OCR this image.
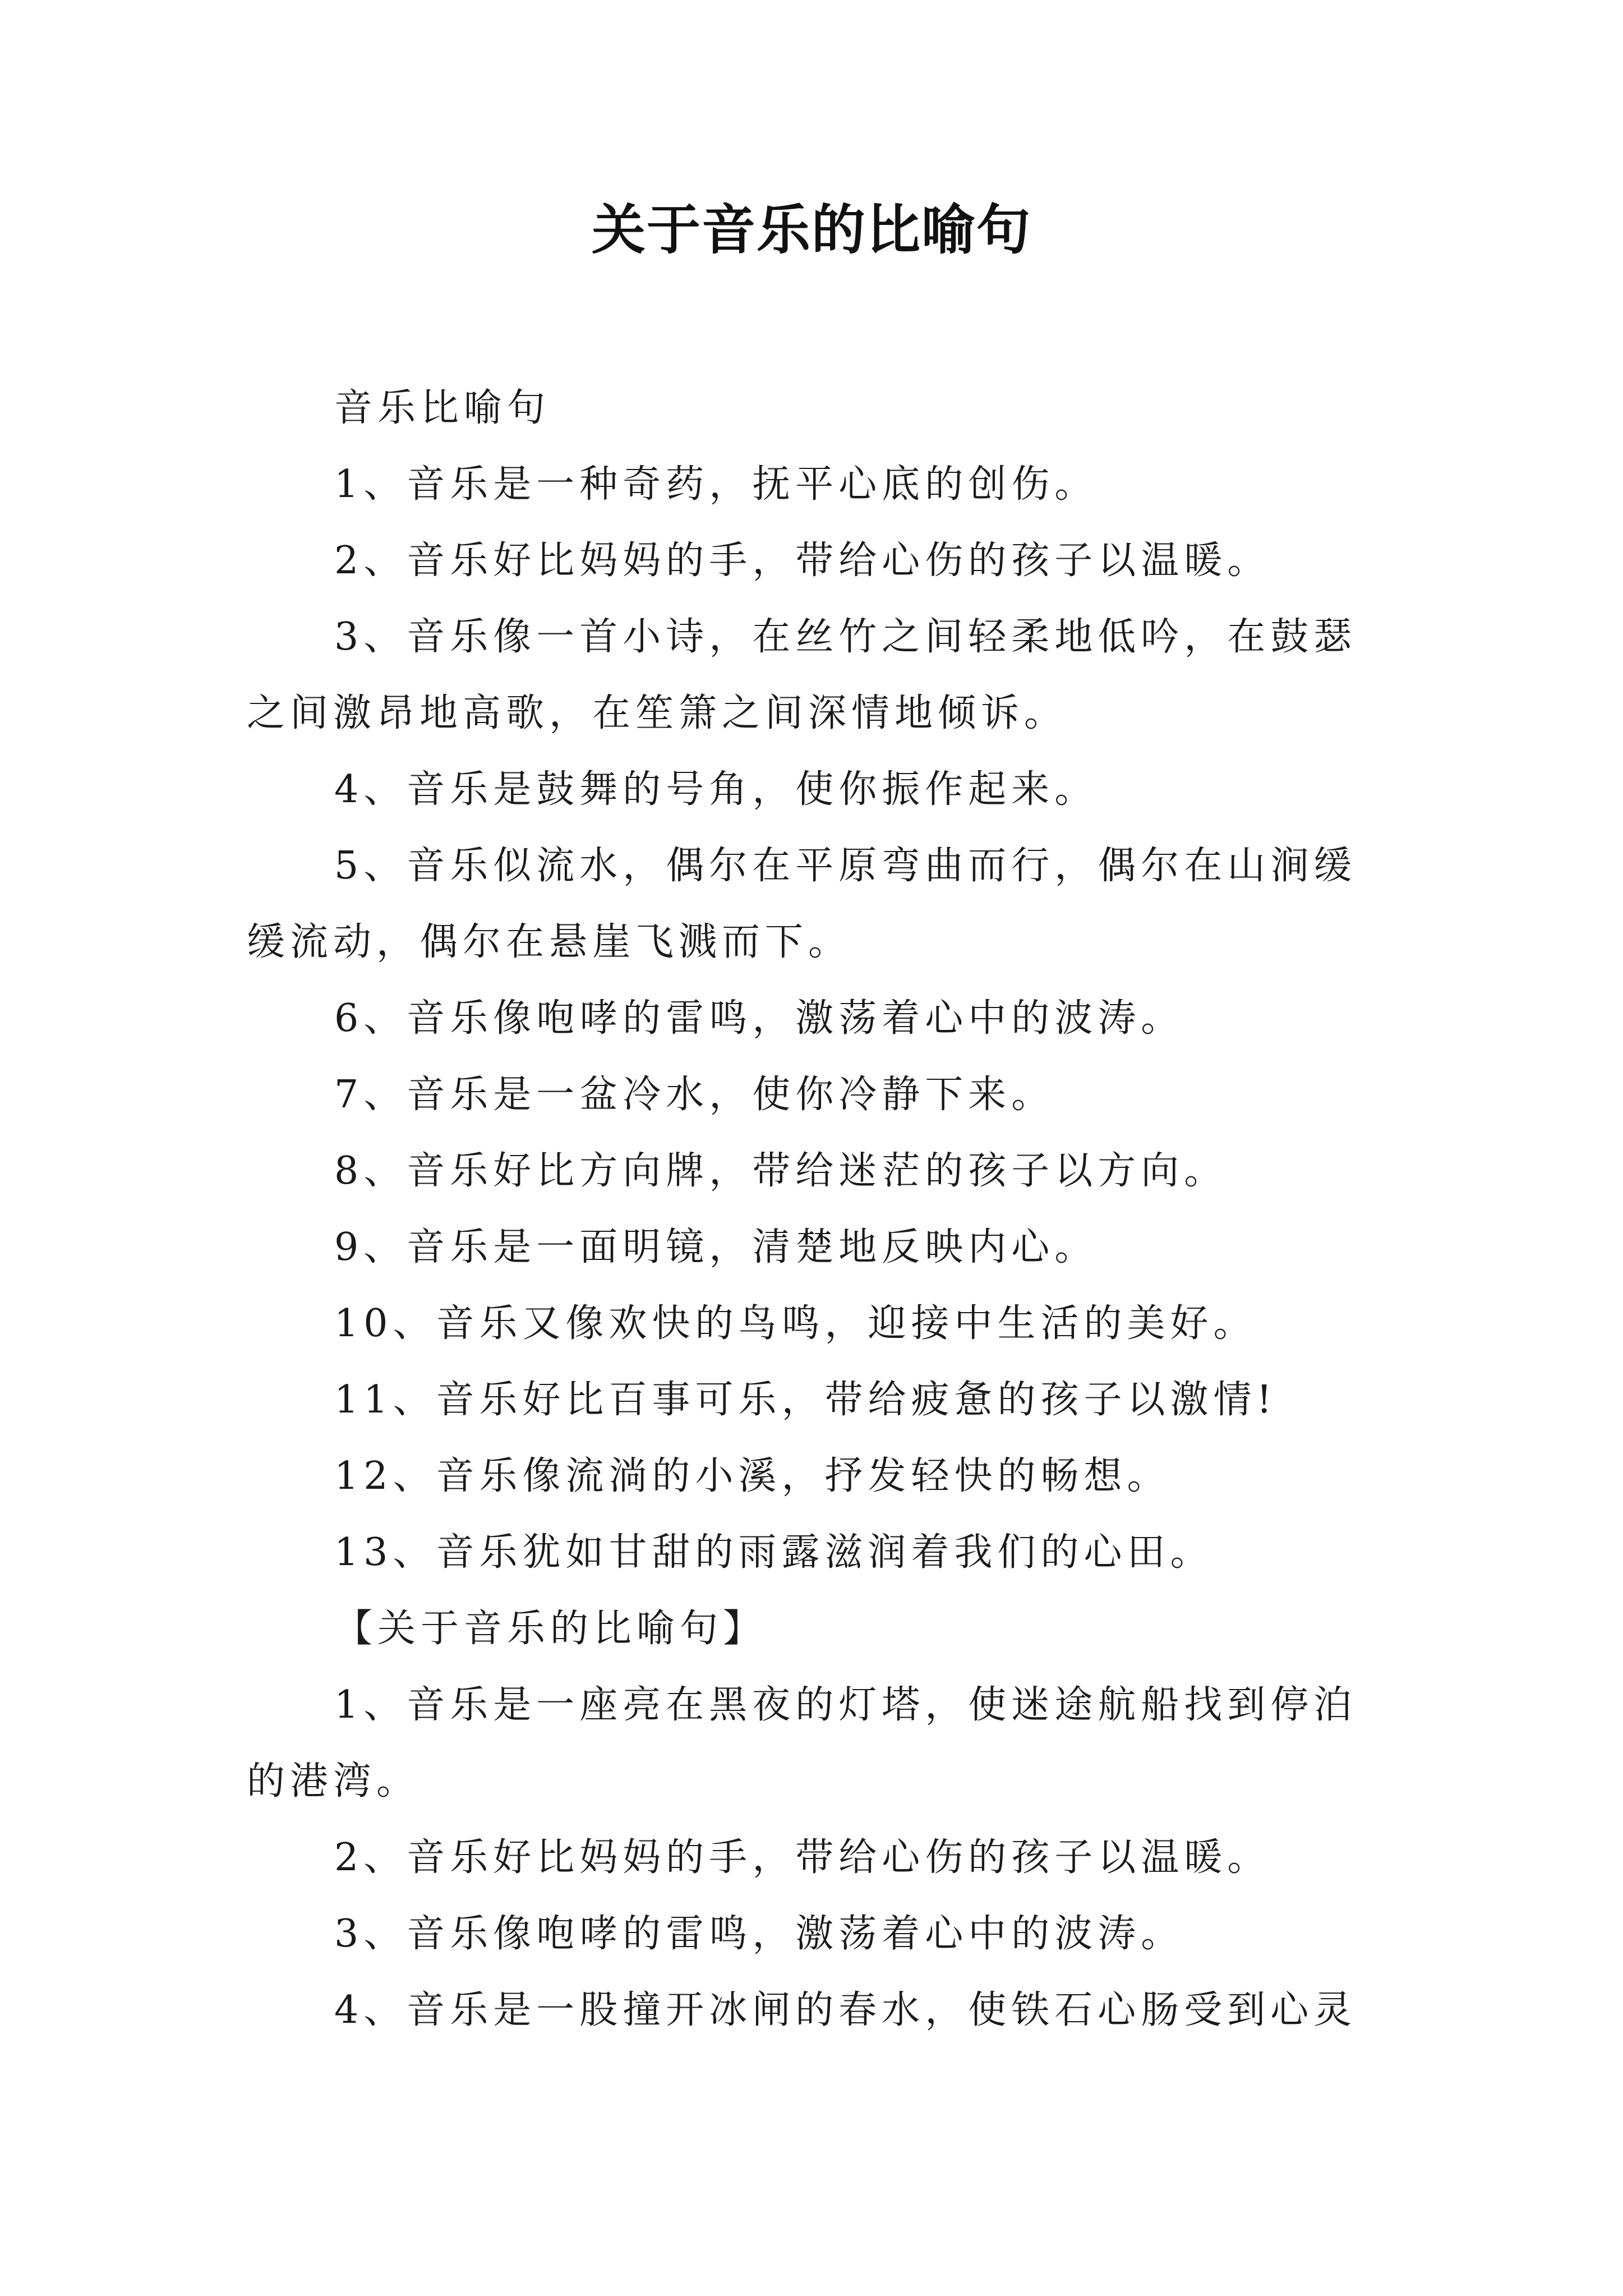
关于音乐的比喻句

音乐比喻句

1、音乐是一种奇药，抚平心底的创伤。

2、音乐好比妈妈的手，带给心伤的孩子以温暖。

3、音乐像一首小诗，在丝竹之间轻柔地低吟，在鼓瑟之间激昂地高歌，在笙箫之间深情地倾诉。

4、音乐是鼓舞的号角，使你振作起来。

5、音乐似流水，偶尔在平原弯曲而行，偶尔在山涧缓缓流动，偶尔在悬崖飞溅而下。

6、音乐像咆哮的雷鸣，激荡着心中的波涛。

7、音乐是一盆冷水，使你冷静下来。

8、音乐好比方向牌，带给迷茫的孩子以方向。

9、音乐是一面明镜，清楚地反映内心。

10、音乐又像欢快的鸟鸣，迎接中生活的美好。

11、音乐好比百事可乐，带给疲惫的孩子以激情!

12、音乐像流淌的小溪，抒发轻快的畅想。

13、音乐犹如甘甜的雨露滋润着我们的心田。

【关于音乐的比喻句】

1、音乐是一座亮在黑夜的灯塔，使迷途航船找到停泊的港湾。

2、音乐好比妈妈的手，带给心伤的孩子以温暖。

3、音乐像咆哮的雷鸣，激荡着心中的波涛。

4、音乐是一股撞开冰闸的春水，使铁石心肠受到心灵
